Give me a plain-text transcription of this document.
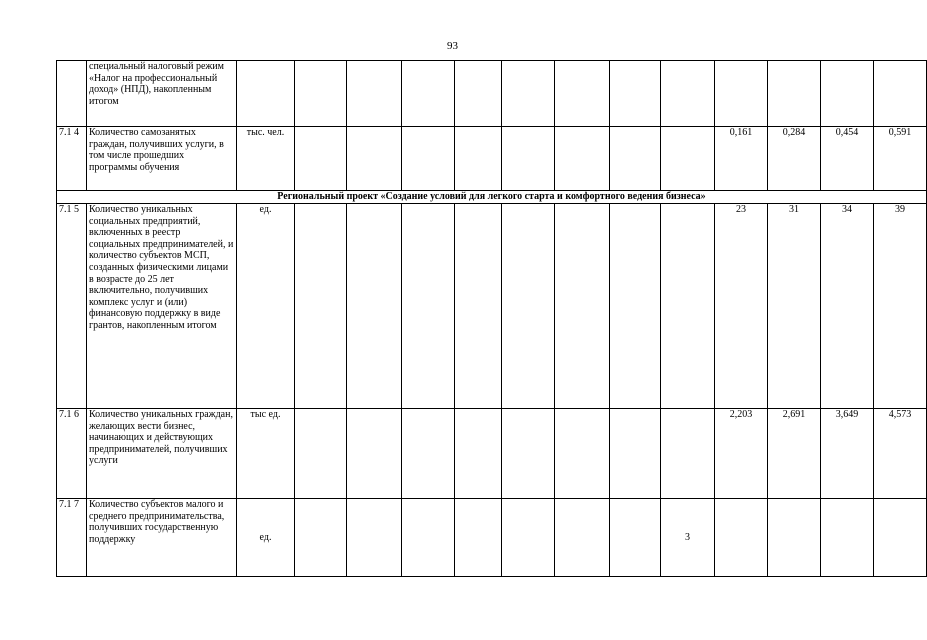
93
	специальный налоговый режим «Налог на профессиональный доход» (НПД), накопленным итогом													
7.1 4	Количество самозанятых граждан, получивших услуги, в том числе прошедших программы обучения	тыс. чел.									0,161	0,284	0,454	0,591
Региональный проект «Создание условий для легкого старта и комфортного ведения бизнеса»														
7.1 5	Количество уникальных социальных предприятий, включенных в реестр социальных предпринимателей, и количество субъектов МСП, созданных физическими лицами в возрасте до 25 лет включительно, получивших комплекс услуг и (или) финансовую поддержку в виде грантов, накопленным итогом	ед.									23	31	34	39
7.1 6	Количество уникальных граждан, желающих вести бизнес, начинающих и действующих предпринимателей, получивших услуги	тыс ед.									2,203	2,691	3,649	4,573
7.1 7	Количество субъектов малого и среднего предпринимательства, получивших государственную поддержку	ед.								3				
